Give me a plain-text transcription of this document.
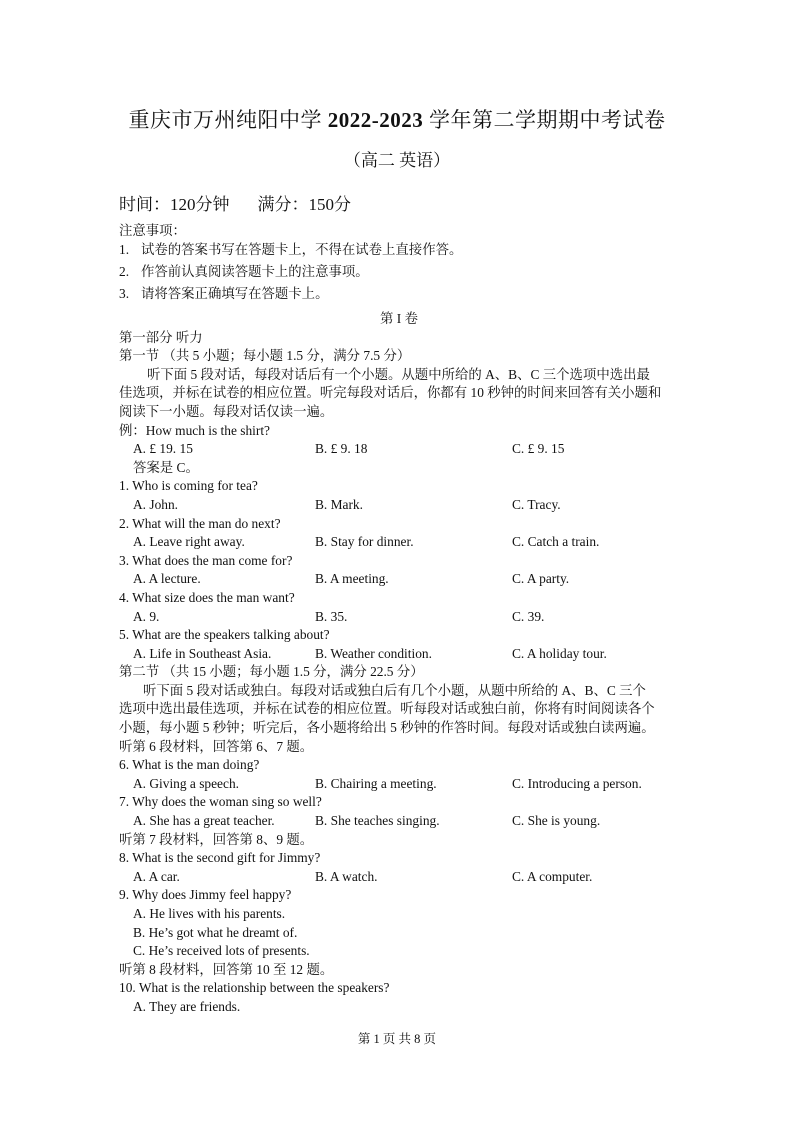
重庆市万州纯阳中学 2022-2023 学年第二学期期中考试卷
（高二 英语）
时间：120分钟 满分：150分
注意事项：
1. 试卷的答案书写在答题卡上，不得在试卷上直接作答。
2. 作答前认真阅读答题卡上的注意事项。
3. 请将答案正确填写在答题卡上。
第 I 卷
第一部分 听力
第一节 （共 5 小题；每小题 1.5 分，满分 7.5 分）
听下面 5 段对话，每段对话后有一个小题。从题中所给的 A、B、C 三个选项中选出最
佳选项，并标在试卷的相应位置。听完每段对话后，你都有 10 秒钟的时间来回答有关小题和
阅读下一小题。每段对话仅读一遍。
例：How much is the shirt?
A. £ 19. 15	B. £ 9. 18	C. £ 9. 15
答案是 C。
1. Who is coming for tea?
A. John.	B. Mark.	C. Tracy.
2. What will the man do next?
A. Leave right away.	B. Stay for dinner.	C. Catch a train.
3. What does the man come for?
A. A lecture.	B. A meeting.	C. A party.
4. What size does the man want?
A. 9.	B. 35.	C. 39.
5. What are the speakers talking about?
A. Life in Southeast Asia.	B. Weather condition.	C. A holiday tour.
第二节 （共 15 小题；每小题 1.5 分，满分 22.5 分）
听下面 5 段对话或独白。每段对话或独白后有几个小题，从题中所给的 A、B、C 三个
选项中选出最佳选项，并标在试卷的相应位置。听每段对话或独白前，你将有时间阅读各个
小题，每小题 5 秒钟；听完后，各小题将给出 5 秒钟的作答时间。每段对话或独白读两遍。
听第 6 段材料，回答第 6、7 题。
6. What is the man doing?
A. Giving a speech.	B. Chairing a meeting.	C. Introducing a person.
7. Why does the woman sing so well?
A. She has a great teacher.	B. She teaches singing.	C. She is young.
听第 7 段材料，回答第 8、9 题。
8. What is the second gift for Jimmy?
A. A car.	B. A watch.	C. A computer.
9. Why does Jimmy feel happy?
A. He lives with his parents.
B. He’s got what he dreamt of.
C. He’s received lots of presents.
听第 8 段材料，回答第 10 至 12 题。
10. What is the relationship between the speakers?
A. They are friends.
第 1 页 共 8 页
